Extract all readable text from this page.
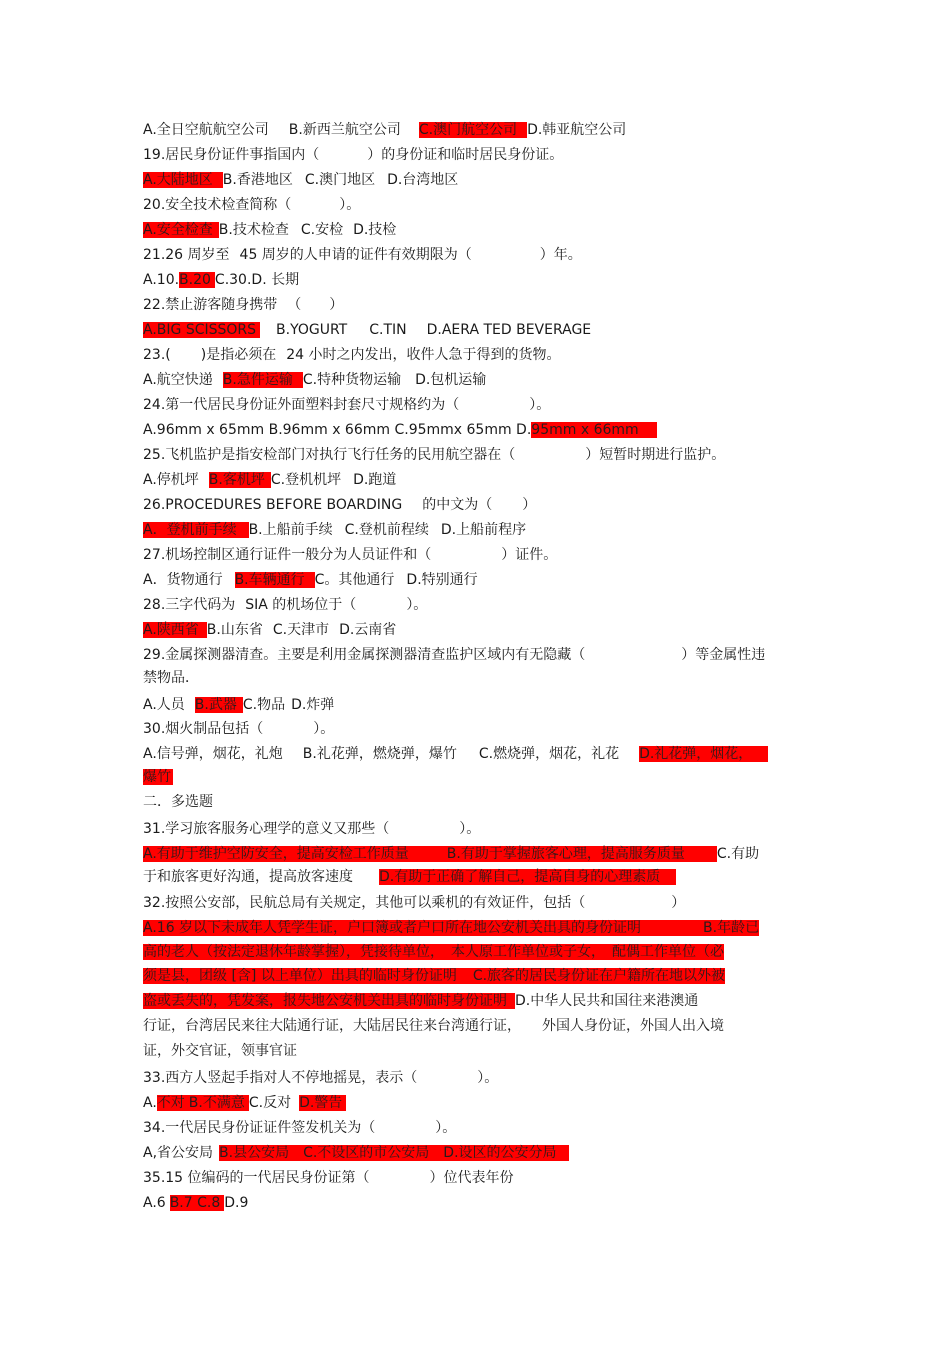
A.全日空航航空公司 B.新西兰航空公司 C.澳门航空公司 D.韩亚航空公司
19.居民身份证件事指国内（	）的身份证和临时居民身份证。
A.大陆地区 B.香港地区 C.澳门地区 D.台湾地区
20.安全技术检查简称（	）。
A.安全检查 B.技术检查 C.安检 D.技检
21.26 周岁至 45 周岁的人申请的证件有效期限为（	）年。
A.10.B.20 C.30.D. 长期
22.禁止游客随身携带 （　　）
A.BIG SCISSORS B.YOGURT C.TIN D.AERA TED BEVERAGE
23.( )是指必须在 24 小时之内发出，收件人急于得到的货物。
A.航空快递 B.急件运输 C.特种货物运输 D.包机运输
24.第一代居民身份证外面塑料封套尺寸规格约为（	）。
A.96mm x 65mm B.96mm x 66mm C.95mmx 65mm D.95mm x 66mm
25.飞机监护是指安检部门对执行飞行任务的民用航空器在（	）短暂时期进行监护。
A.停机坪 B.客机坪 C.登机机坪 D.跑道
26.PROCEDURES BEFORE BOARDING 的中文为（ ）
A．登机前手续 B.上船前手续 C.登机前程续 D.上船前程序
27.机场控制区通行证件一般分为人员证件和（	）证件。
A．货物通行 B.车辆通行 C。其他通行 D.特别通行
28.三字代码为 SIA 的机场位于（	）。
A.陕西省 B.山东省 C.天津市 D.云南省
29.金属探测器清查。主要是利用金属探测器清查监护区域内有无隐藏（	）等金属性违
禁物品．
A.人员 B.武器 C.物品 D.炸弹
30.烟火制品包括（	）。
A.信号弹，烟花，礼炮 B.礼花弹，燃烧弹，爆竹 C.燃烧弹，烟花，礼花 D.礼花弹，烟花，
爆竹
二．多选题
31.学习旅客服务心理学的意义又那些（	）。
A.有助于维护空防安全，提高安检工作质量	B.有助于掌握旅客心理，提高服务质量 C.有助
于和旅客更好沟通，提高放客速度 D.有助于正确了解自己，提高自身的心理素质
32.按照公安部，民航总局有关规定，其他可以乘机的有效证件，包括（	）
A.16 岁以下未成年人凭学生证，户口簿或者户口所在地公安机关出具的身份证明	B.年龄已
高的老人（按法定退休年龄掌握），凭接待单位，　本人原工作单位或子女，　配偶工作单位（必
须是县，团级 [含] 以上单位）出具的临时身份证明 C.旅客的居民身份证在户籍所在地以外被
盗或丢失的，凭发案，报失地公安机关出具的临时身份证明 D.中华人民共和国往来港澳通
行证，台湾居民来往大陆通行证，大陆居民往来台湾通行证，　　外国人身份证，外国人出入境
证，外交官证，领事官证
33.西方人竖起手指对人不停地摇晃，表示（	）。
A.不对 B.不满意 C.反对 D.警告
34.一代居民身份证证件签发机关为（	）。
A,省公安局 B.县公安局　C.不设区的市公安局　D.设区的公安分局
35.15 位编码的一代居民身份证第（	）位代表年份
A.6 B.7 C.8 D.9
